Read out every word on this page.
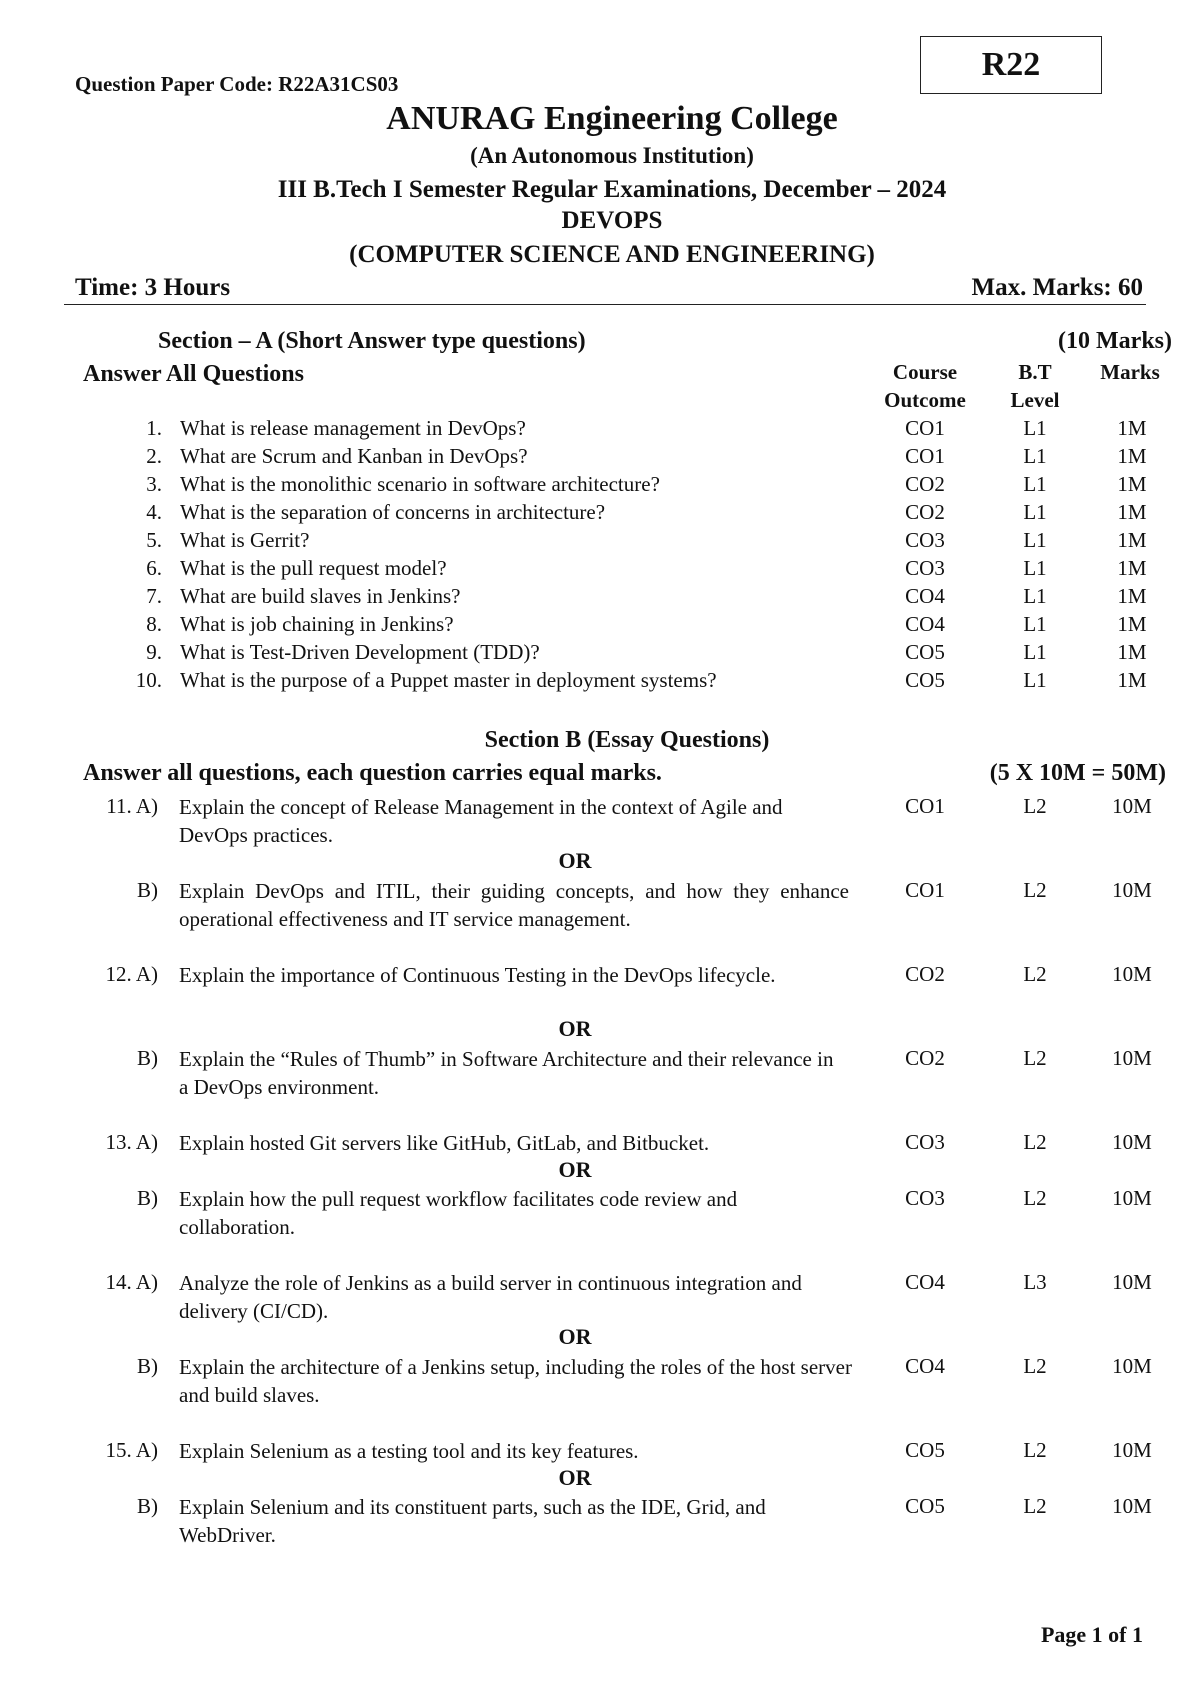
Question Paper Code: R22A31CS03
R22
ANURAG Engineering College
(An Autonomous Institution)
III B.Tech I Semester Regular Examinations, December – 2024
DEVOPS
(COMPUTER SCIENCE AND ENGINEERING)
Time: 3 Hours	Max. Marks: 60
Section – A (Short Answer type questions)	(10 Marks)
Answer All Questions	Course
Outcome
B.T
Level
Marks
1. What is release management in DevOps?	CO1	L1	1M
2. What are Scrum and Kanban in DevOps?	CO1	L1	1M
3. What is the monolithic scenario in software architecture?	CO2	L1	1M
4. What is the separation of concerns in architecture?	CO2	L1	1M
5. What is Gerrit?	CO3	L1	1M
6. What is the pull request model?	CO3	L1	1M
7. What are build slaves in Jenkins?	CO4	L1	1M
8. What is job chaining in Jenkins?	CO4	L1	1M
9. What is Test-Driven Development (TDD)?	CO5	L1	1M
10. What is the purpose of a Puppet master in deployment systems?	CO5	L1	1M
Section B (Essay Questions)
Answer all questions, each question carries equal marks.	(5 X 10M = 50M)
11. A) Explain the concept of Release Management in the context of Agile and DevOps practices.
CO1	L2	10M
OR
B) Explain DevOps and ITIL, their guiding concepts, and how they enhance operational effectiveness and IT service management.
CO1	L2	10M
12. A) Explain the importance of Continuous Testing in the DevOps lifecycle.	CO2	L2	10M
OR
B) Explain the “Rules of Thumb” in Software Architecture and their relevance in a DevOps environment.
CO2	L2	10M
13. A) Explain hosted Git servers like GitHub, GitLab, and Bitbucket.	CO3	L2	10M
OR
B) Explain how the pull request workflow facilitates code review and collaboration.
CO3	L2	10M
14. A) Analyze the role of Jenkins as a build server in continuous integration and delivery (CI/CD).
CO4	L3	10M
OR
B) Explain the architecture of a Jenkins setup, including the roles of the host server and build slaves.
CO4	L2	10M
15. A) Explain Selenium as a testing tool and its key features.	CO5	L2	10M
OR
B) Explain Selenium and its constituent parts, such as the IDE, Grid, and WebDriver.
CO5	L2	10M
Page 1 of 1
